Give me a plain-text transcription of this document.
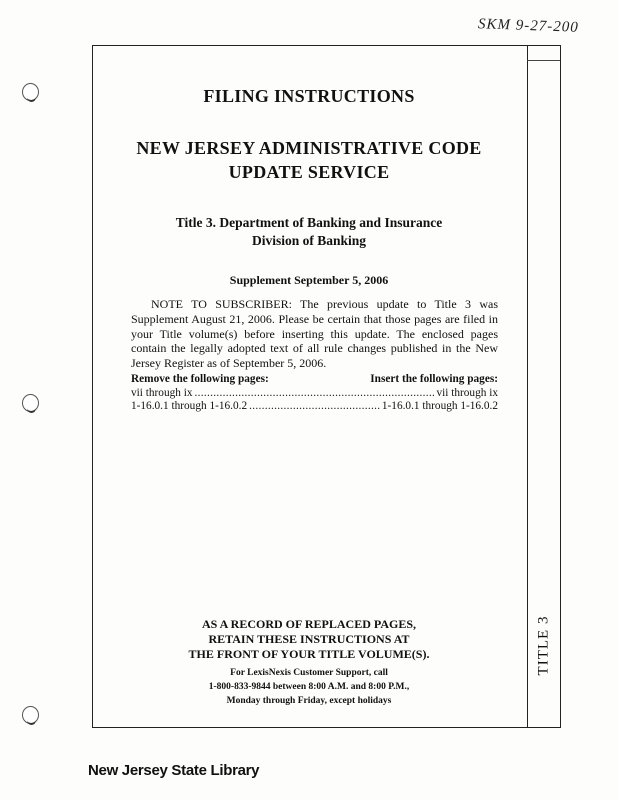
SKM 9-27-200
TITLE 3
FILING INSTRUCTIONS
NEW JERSEY ADMINISTRATIVE CODE
UPDATE SERVICE
Title 3. Department of Banking and Insurance
Division of Banking
Supplement September 5, 2006
NOTE TO SUBSCRIBER: The previous update to Title 3 was Supplement August 21, 2006. Please be certain that those pages are filed in your Title volume(s) before inserting this update. The enclosed pages contain the legally adopted text of all rule changes published in the New Jersey Register as of September 5, 2006.
Remove the following pages:	Insert the following pages:
vii through ix .....	vii through ix
1-16.0.1 through 1-16.0.2 .....	1-16.0.1 through 1-16.0.2
AS A RECORD OF REPLACED PAGES,
RETAIN THESE INSTRUCTIONS AT
THE FRONT OF YOUR TITLE VOLUME(S).
For LexisNexis Customer Support, call
1-800-833-9844 between 8:00 A.M. and 8:00 P.M.,
Monday through Friday, except holidays
New Jersey State Library
